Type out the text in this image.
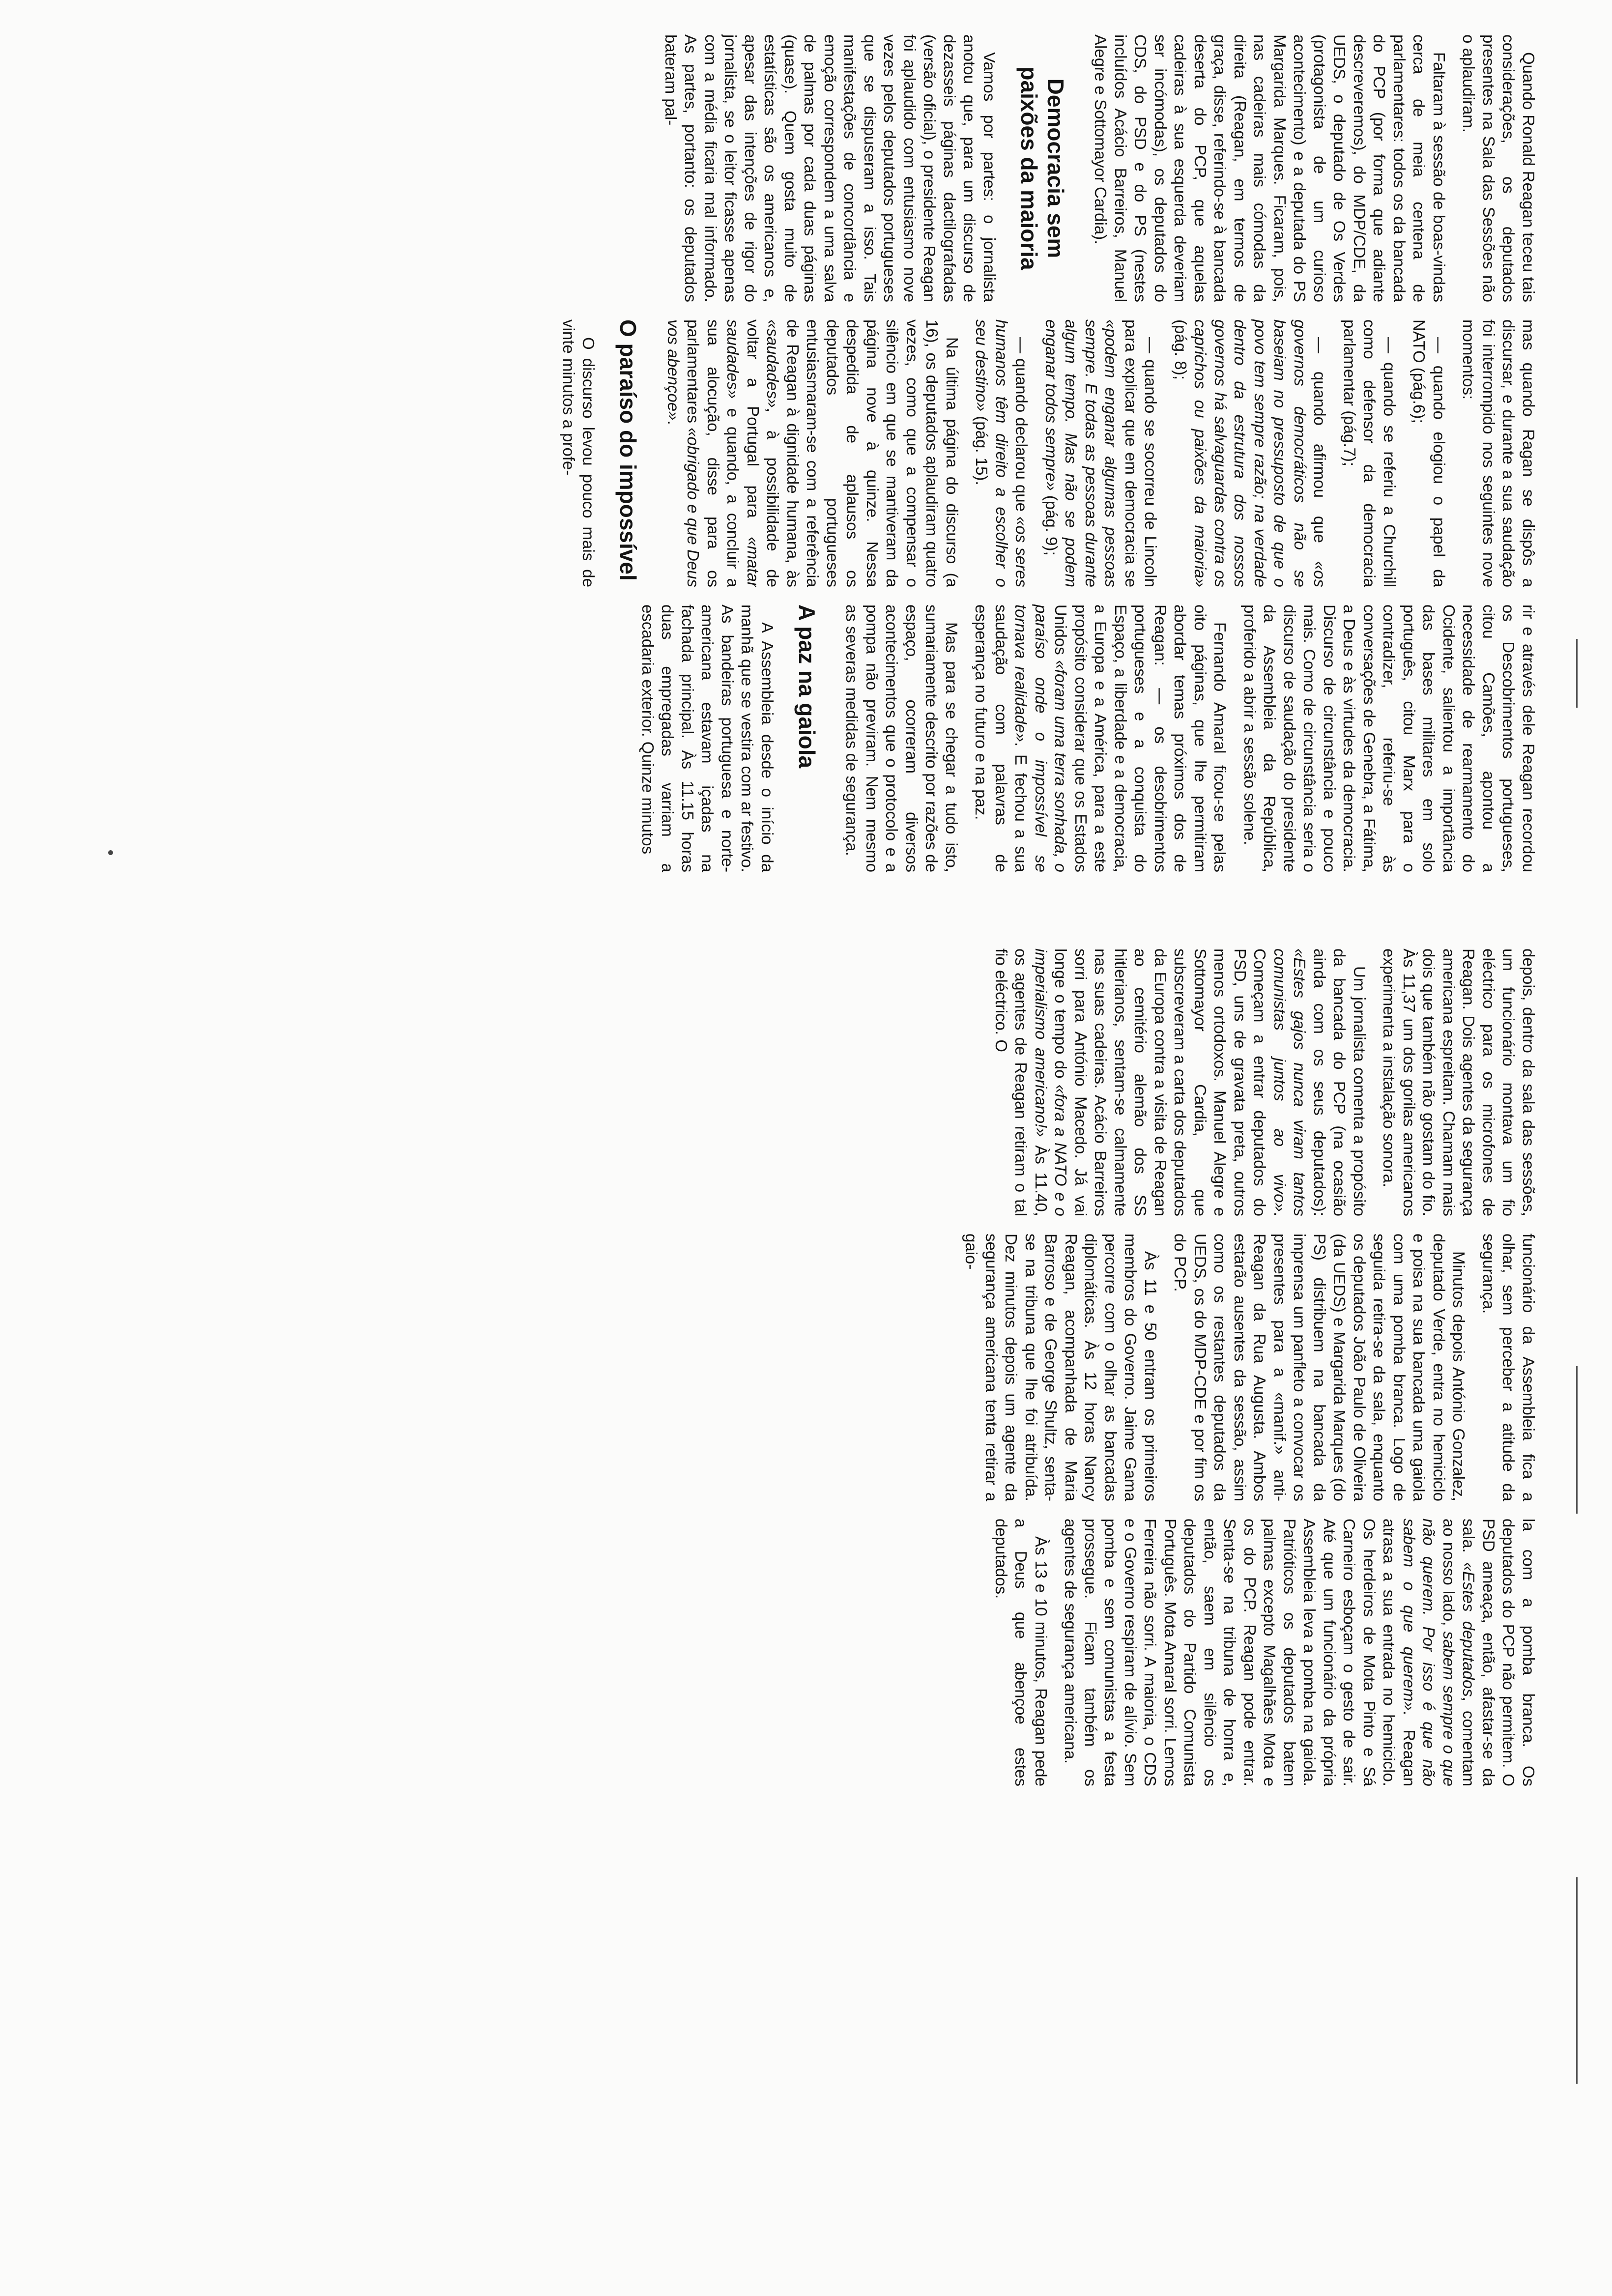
Quando Ronald Reagan teceu tais considerações, os deputados presentes na Sala das Sessões não o aplaudiram.

Faltaram à sessão de boas-vindas cerca de meia centena de parlamentares: todos os da bancada do PCP (por forma que adiante descreveremos), do MDP/CDE, da UEDS, o deputado de Os Verdes (protagonista de um curioso acontecimento) e a deputada do PS Margarida Marques. Ficaram, pois, nas cadeiras mais cómodas da direita (Reagan, em termos de graça, disse, referindo-se à bancada deserta do PCP, que aquelas cadeiras à sua esquerda deveriam ser incómodas), os deputados do CDS, do PSD e do PS (nestes incluídos Acácio Barreiros, Manuel Alegre e Sottomayor Cardia).

Democracia sem paixões da maioria

Vamos por partes: o jornalista anotou que, para um discurso de dezasseis páginas dactilografadas (versão oficial), o presidente Reagan foi aplaudido com entusiasmo nove vezes pelos deputados portugueses que se dispuseram a isso. Tais manifestações de concordância e emoção correspondem a uma salva de palmas por cada duas páginas (quase). Quem gosta muito de estatísticas são os americanos e, apesar das intenções de rigor do jornalista, se o leitor ficasse apenas com a média ficaria mal informado. As partes, portanto: os deputados bateram pal-

mas quando Ragan se dispôs a discursar, e durante a sua saudação foi interrompido nos seguintes nove momentos:

— quando elogiou o papel da NATO (pág.6);

— quando se referiu a Churchill como defensor da democracia parlamentar (pág.7);

— quando afirmou que «os governos democráticos não se baseiam no pressuposto de que o povo tem sempre razão; na verdade dentro da estrutura dos nossos governos há salvaguardas contra os caprichos ou paixões da maioria» (pág. 8);

— quando se socorreu de Lincoln para explicar que em democracia se «podem enganar algumas pessoas sempre. E todas as pessoas durante algum tempo. Mas não se podem enganar todos sempre» (pág. 9);

— quando declarou que «os seres humanos têm direito a escolher o seu destino» (pág. 15).

Na última página do discurso (a 16), os deputados aplaudiram quatro vezes, como que a compensar o silêncio em que se mantiveram da página nove à quinze. Nessa despedida de aplausos os deputados portugueses entusiasmaram-se com a referência de Reagan à dignidade humana, às «saudades», à possibilidade de voltar a Portugal para «matar saudades» e quando, a concluir a sua alocução, disse para os parlamentares «obrigado e que Deus vos abençoe».

O paraíso do impossível

O discurso levou pouco mais de vinte minutos a profe-

rir e através dele Reagan recordou os Descobrimentos portugueses, citou Camões, apontou a necessidade de rearmamento do Ocidente, salientou a importância das bases militares em solo português, citou Marx para o contradizer, referiu-se às conversações de Genebra, a Fátima, a Deus e às virtudes da democracia. Discurso de circunstância e pouco mais. Como de circunstância seria o discurso de saudação do presidente da Assembleia da República, proferido a abrir a sessão solene.

Fernando Amaral ficou-se pelas oito páginas, que lhe permitiram abordar temas próximos dos de Reagan: — os desobrimentos portugueses e a conquista do Espaço, a liberdade e a democracia, a Europa e a América, para a este propósito considerar que os Estados Unidos «foram uma terra sonhada, o paraíso onde o impossível se tornava realidade». E fechou a sua saudação com palavras de esperança no futuro e na paz.

Mas para se chegar a tudo isto, sumariamente descrito por razões de espaço, ocorreram diversos acontecimentos que o protocolo e a pompa não previram. Nem mesmo as severas medidas de segurança.

A paz na gaiola

A Assembleia desde o início da manhã que se vestira com ar festivo. As bandeiras portuguesa e norte-americana estavam içadas na fachada principal. Às 11.15 horas duas empregadas varriam a escadaria exterior. Quinze minutos

depois, dentro da sala das sessões, um funcionário montava um fio eléctrico para os microfones de Reagan. Dois agentes da segurança americana espreitam. Chamam mais dois que também não gostam do fio. Às 11,37 um dos gorilas americanos experimenta a instalação sonora.

Um jornalista comenta a propósito da bancada do PCP (na ocasião ainda com os seus deputados): «Estes gajos nunca viram tantos comunistas juntos ao vivo». Começam a entrar deputados do PSD, uns de gravata preta, outros menos ortodoxos. Manuel Alegre e Sottomayor Cardia, que subscreveram a carta dos deputados da Europa contra a visita de Reagan ao cemitério alemão dos SS hitlerianos, sentam-se calmamente nas suas cadeiras. Acácio Barreiros sorri para António Macedo. Já vai longe o tempo do «fora a NATO e o imperialismo americano!» Às 11.40, os agentes de Reagan retiram o tal fio eléctrico. O

funcionário da Assembleia fica a olhar, sem perceber a atitude da segurança.

Minutos depois António Gonzalez, deputado Verde, entra no hemiciclo e poisa na sua bancada uma gaiola com uma pomba branca. Logo de seguida retira-se da sala, enquanto os deputados João Paulo de Oliveira (da UEDS) e Margarida Marques (do PS) distribuem na bancada da imprensa um panfleto a convocar os presentes para a «manif.» anti-Reagan da Rua Augusta. Ambos estarão ausentes da sessão, assim como os restantes deputados da UEDS, os do MDP-CDE e por fim os do PCP.

Às 11 e 50 entram os primeiros membros do Governo. Jaime Gama percorre com o olhar as bancadas diplomáticas. Às 12 horas Nancy Reagan, acompanhada de Maria Barroso e de George Shultz, senta-se na tribuna que lhe foi atribuída. Dez minutos depois um agente da segurança americana tenta retirar a gaio-

la com a pomba branca. Os deputados do PCP não permitem. O PSD ameaça, então, afastar-se da sala. «Estes deputados, comentam ao nosso lado, sabem sempre o que não querem. Por isso é que não sabem o que querem». Reagan atrasa a sua entrada no hemiciclo. Os herdeiros de Mota Pinto e Sá Carneiro esboçam o gesto de sair. Até que um funcionário da própria Assembleia leva a pomba na gaiola. Patrióticos os deputados batem palmas excepto Magalhães Mota e os do PCP. Reagan pode entrar. Senta-se na tribuna de honra e, então, saem em silêncio os deputados do Partido Comunista Português. Mota Amaral sorri. Lemos Ferreira não sorri. A maioria, o CDS e o Governo respiram de alívio. Sem pomba e sem comunistas a festa prossegue. Ficam também os agentes de segurança americana.

Às 13 e 10 minutos, Reagan pede a Deus que abençoe estes deputados.
